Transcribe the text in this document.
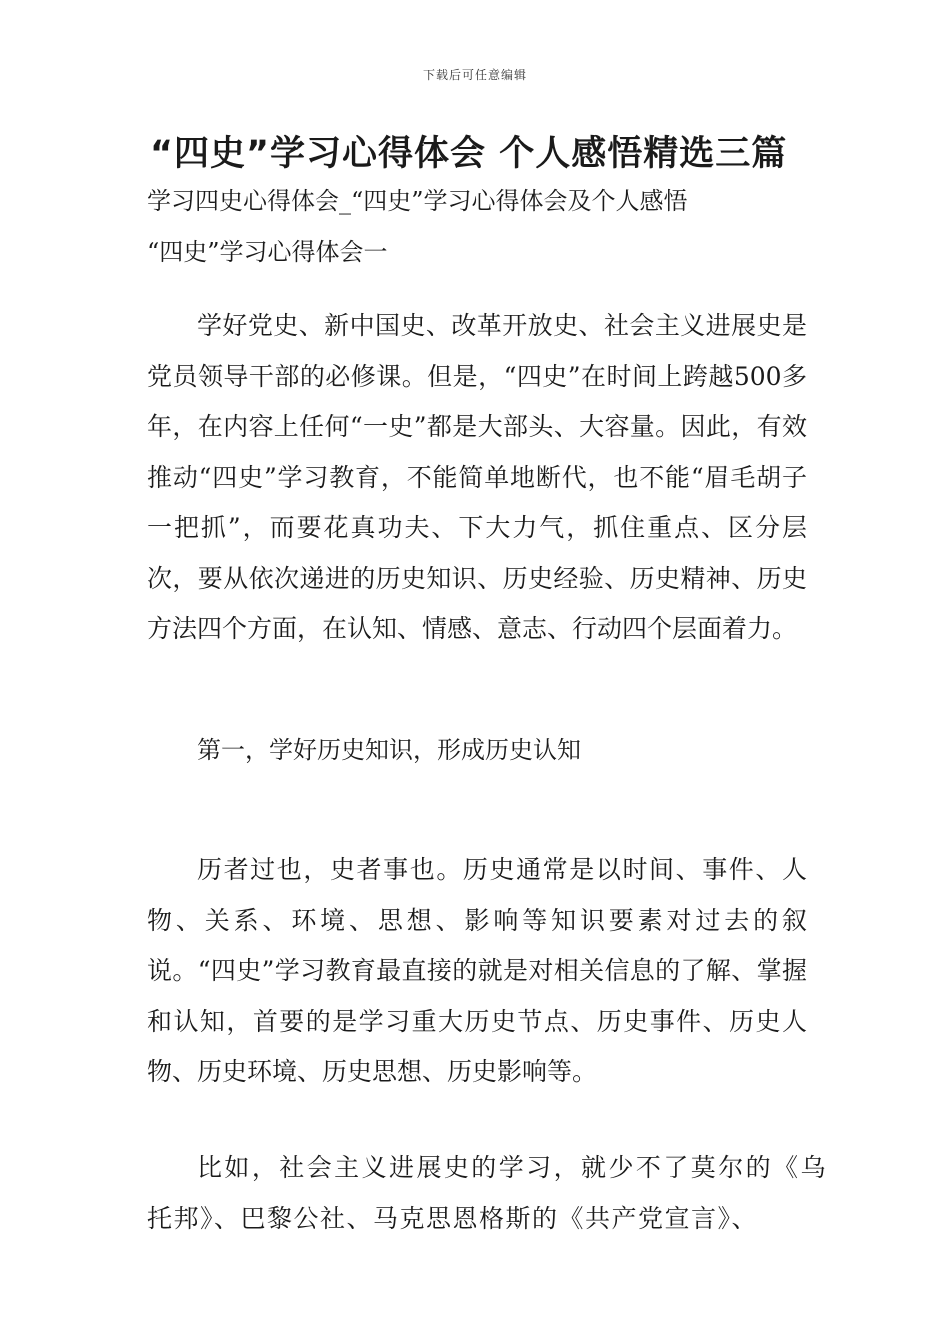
下载后可任意编辑
“四史”学习心得体会 个人感悟精选三篇
学习四史心得体会_“四史”学习心得体会及个人感悟
“四史”学习心得体会一

学好党史、新中国史、改革开放史、社会主义进展史是党员领导干部的必修课。但是，“四史”在时间上跨越500多年，在内容上任何“一史”都是大部头、大容量。因此，有效推动“四史”学习教育，不能简单地断代，也不能“眉毛胡子一把抓”，而要花真功夫、下大力气，抓住重点、区分层次，要从依次递进的历史知识、历史经验、历史精神、历史方法四个方面，在认知、情感、意志、行动四个层面着力。

第一，学好历史知识，形成历史认知

历者过也，史者事也。历史通常是以时间、事件、人物、关系、环境、思想、影响等知识要素对过去的叙说。“四史”学习教育最直接的就是对相关信息的了解、掌握和认知，首要的是学习重大历史节点、历史事件、历史人物、历史环境、历史思想、历史影响等。

比如，社会主义进展史的学习，就少不了莫尔的《乌托邦》、巴黎公社、马克思恩格斯的《共产党宣言》、
